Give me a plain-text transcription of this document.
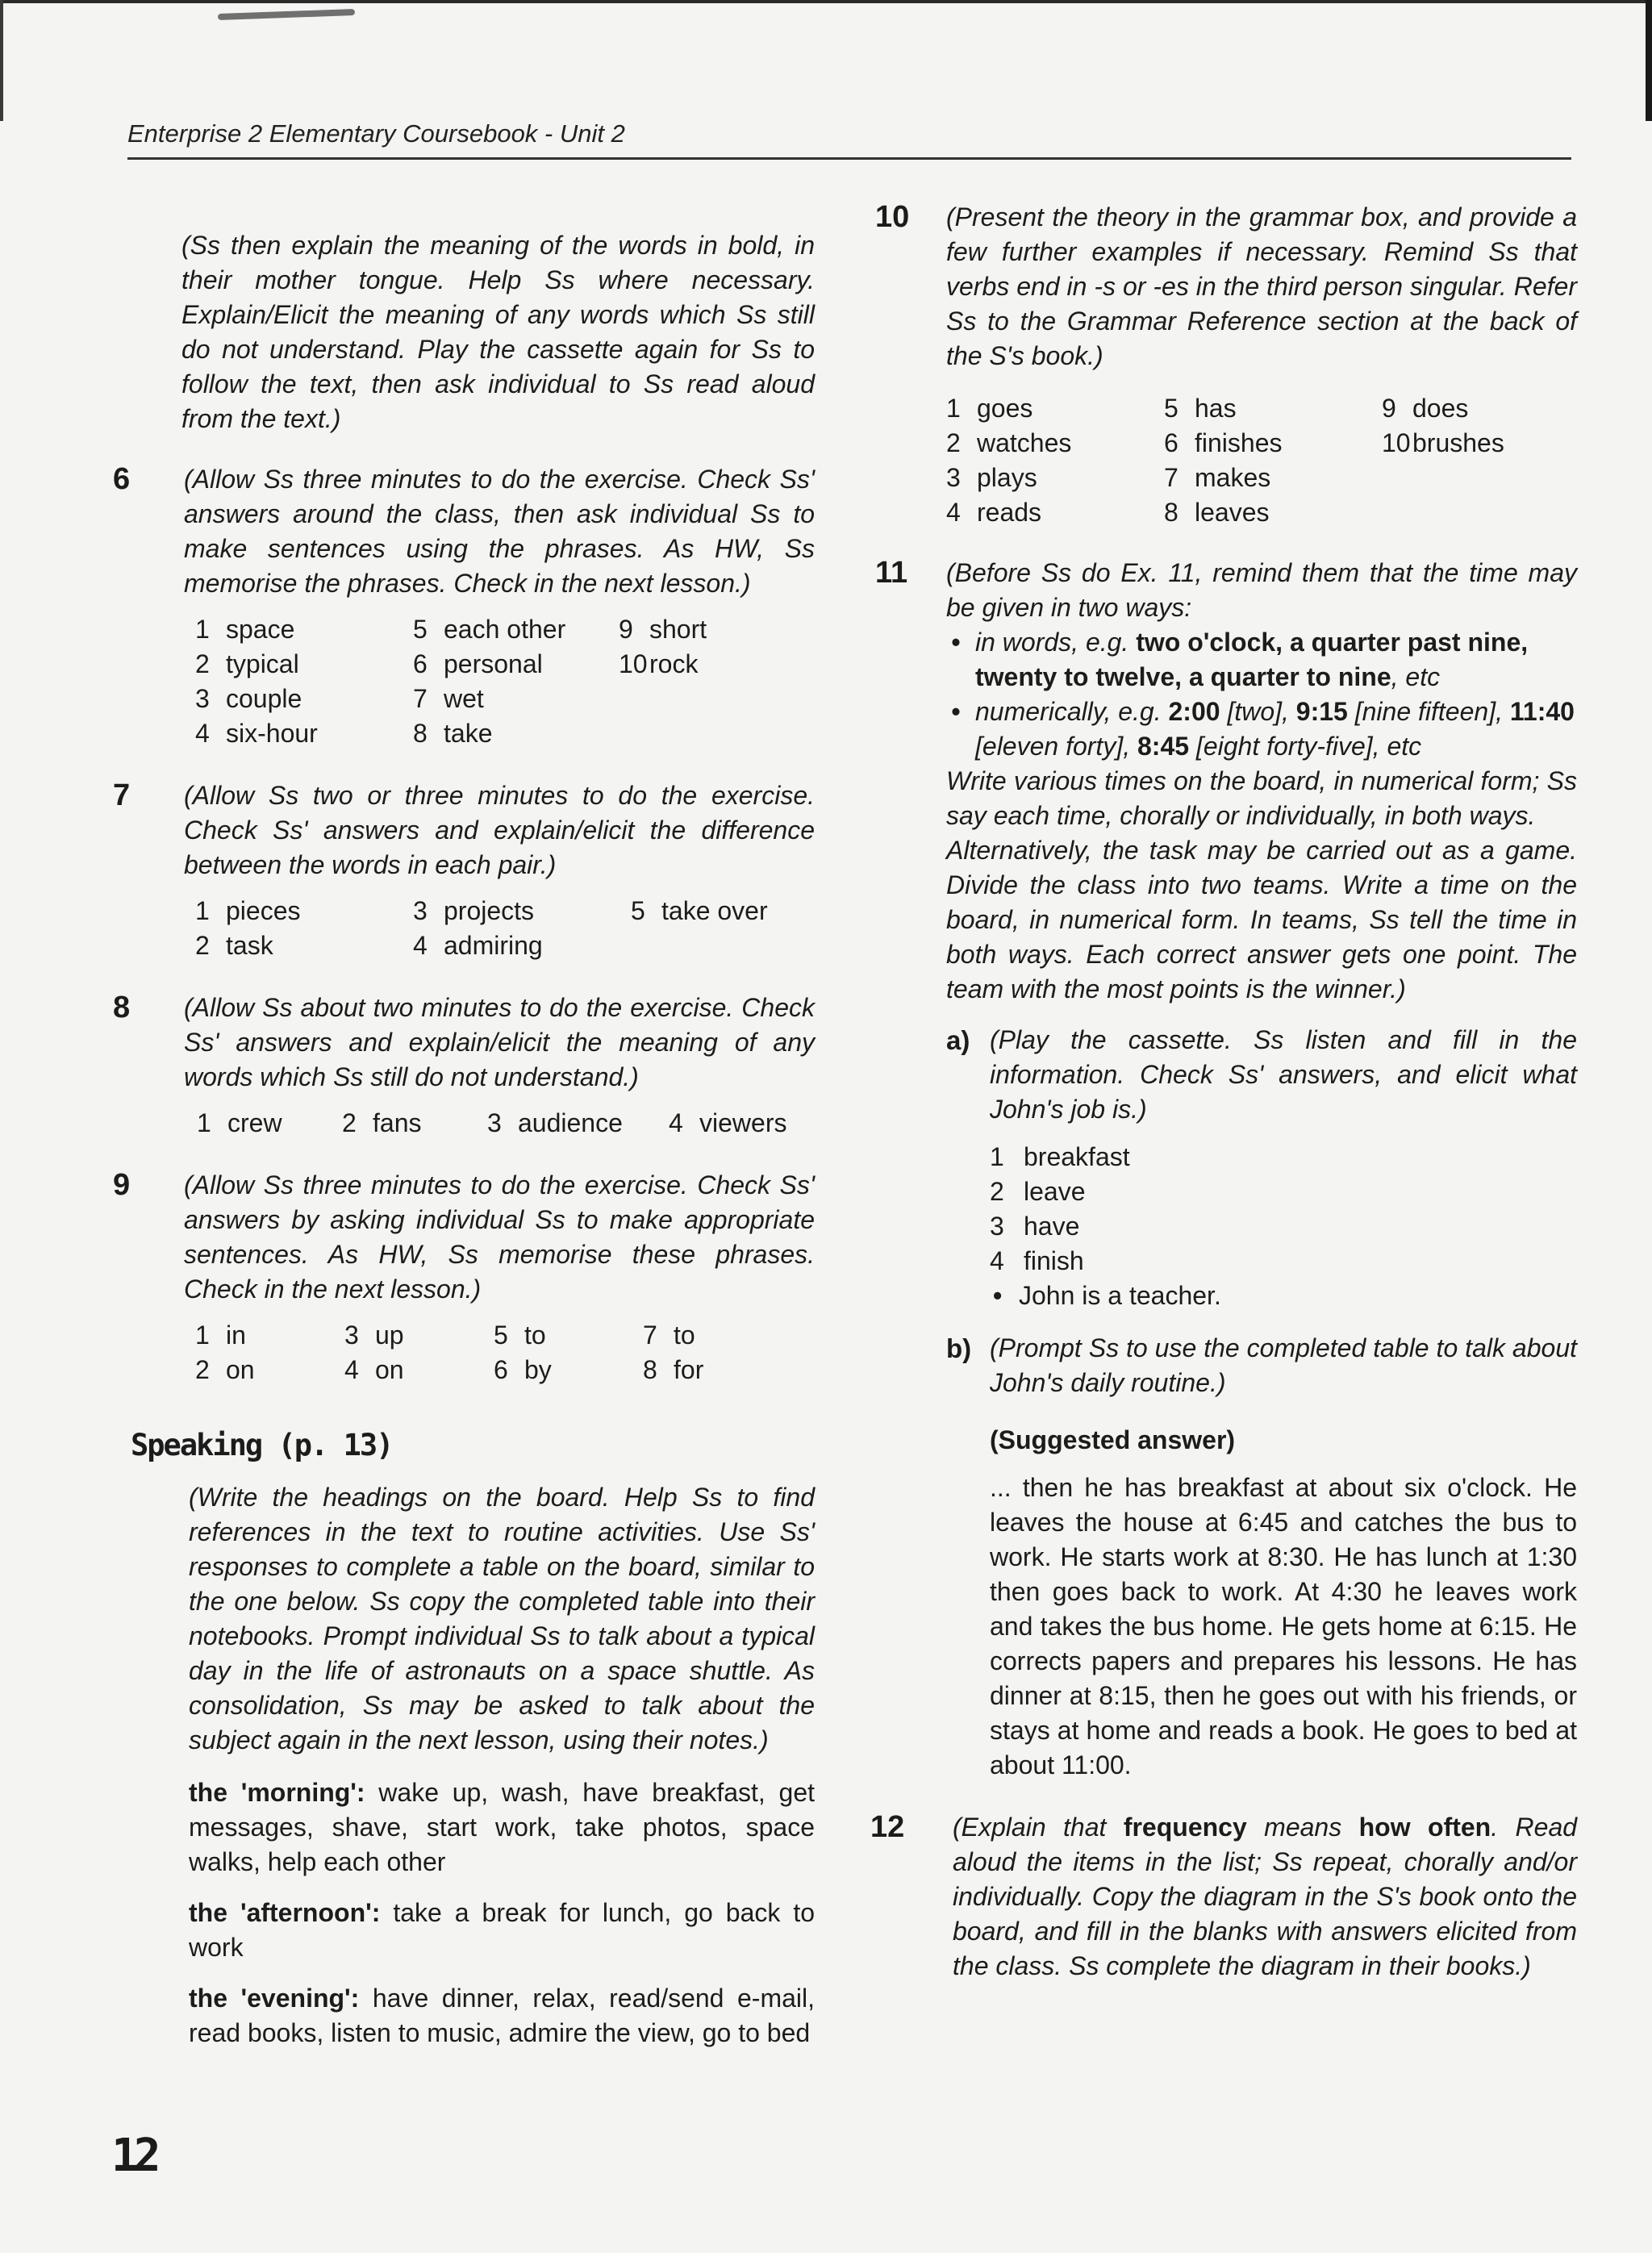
Enterprise 2 Elementary Coursebook - Unit 2

(Ss then explain the meaning of the words in bold, in their mother tongue. Help Ss where necessary. Explain/Elicit the meaning of any words which Ss still do not understand. Play the cassette again for Ss to follow the text, then ask individual to Ss read aloud from the text.)

6 (Allow Ss three minutes to do the exercise. Check Ss' answers around the class, then ask individual Ss to make sentences using the phrases. As HW, Ss memorise the phrases. Check in the next lesson.)

1 space	5 each other	9 short
2 typical	6 personal	10rock
3 couple	7 wet
4 six-hour	8 take
7 (Allow Ss two or three minutes to do the exercise. Check Ss' answers and explain/elicit the difference between the words in each pair.)

1 pieces	3 projects	5 take over
2 task	4 admiring
8 (Allow Ss about two minutes to do the exercise. Check Ss' answers and explain/elicit the meaning of any words which Ss still do not understand.)

1 crew	2 fans	3 audience	4 viewers
9 (Allow Ss three minutes to do the exercise. Check Ss' answers by asking individual Ss to make appropriate sentences. As HW, Ss memorise these phrases. Check in the next lesson.)

1 in	3 up	5 to	7 to
2 on	4 on	6 by	8 for
Speaking (p. 13)

(Write the headings on the board. Help Ss to find references in the text to routine activities. Use Ss' responses to complete a table on the board, similar to the one below. Ss copy the completed table into their notebooks. Prompt individual Ss to talk about a typical day in the life of astronauts on a space shuttle. As consolidation, Ss may be asked to talk about the subject again in the next lesson, using their notes.)

the 'morning': wake up, wash, have breakfast, get messages, shave, start work, take photos, space walks, help each other

the 'afternoon': take a break for lunch, go back to work

the 'evening': have dinner, relax, read/send e-mail, read books, listen to music, admire the view, go to bed

10 (Present the theory in the grammar box, and provide a few further examples if necessary. Remind Ss that verbs end in -s or -es in the third person singular. Refer Ss to the Grammar Reference section at the back of the S's book.)

1 goes	5 has	9 does
2 watches	6 finishes	10brushes
3 plays	7 makes
4 reads	8 leaves
11 (Before Ss do Ex. 11, remind them that the time may be given in two ways:

• in words, e.g. two o'clock, a quarter past nine, twenty to twelve, a quarter to nine, etc
• numerically, e.g. 2:00 [two], 9:15 [nine fifteen], 11:40 [eleven forty], 8:45 [eight forty-five], etc

Write various times on the board, in numerical form; Ss say each time, chorally or individually, in both ways.

Alternatively, the task may be carried out as a game. Divide the class into two teams. Write a time on the board, in numerical form. In teams, Ss tell the time in both ways. Each correct answer gets one point. The team with the most points is the winner.)

a) (Play the cassette. Ss listen and fill in the information. Check Ss' answers, and elicit what John's job is.)

1 breakfast
2 leave
3 have
4 finish
• John is a teacher.
b) (Prompt Ss to use the completed table to talk about John's daily routine.)

(Suggested answer)

... then he has breakfast at about six o'clock. He leaves the house at 6:45 and catches the bus to work. He starts work at 8:30. He has lunch at 1:30 then goes back to work. At 4:30 he leaves work and takes the bus home. He gets home at 6:15. He corrects papers and prepares his lessons. He has dinner at 8:15, then he goes out with his friends, or stays at home and reads a book. He goes to bed at about 11:00.

12 (Explain that frequency means how often. Read aloud the items in the list; Ss repeat, chorally and/or individually. Copy the diagram in the S's book onto the board, and fill in the blanks with answers elicited from the class. Ss complete the diagram in their books.)

12
